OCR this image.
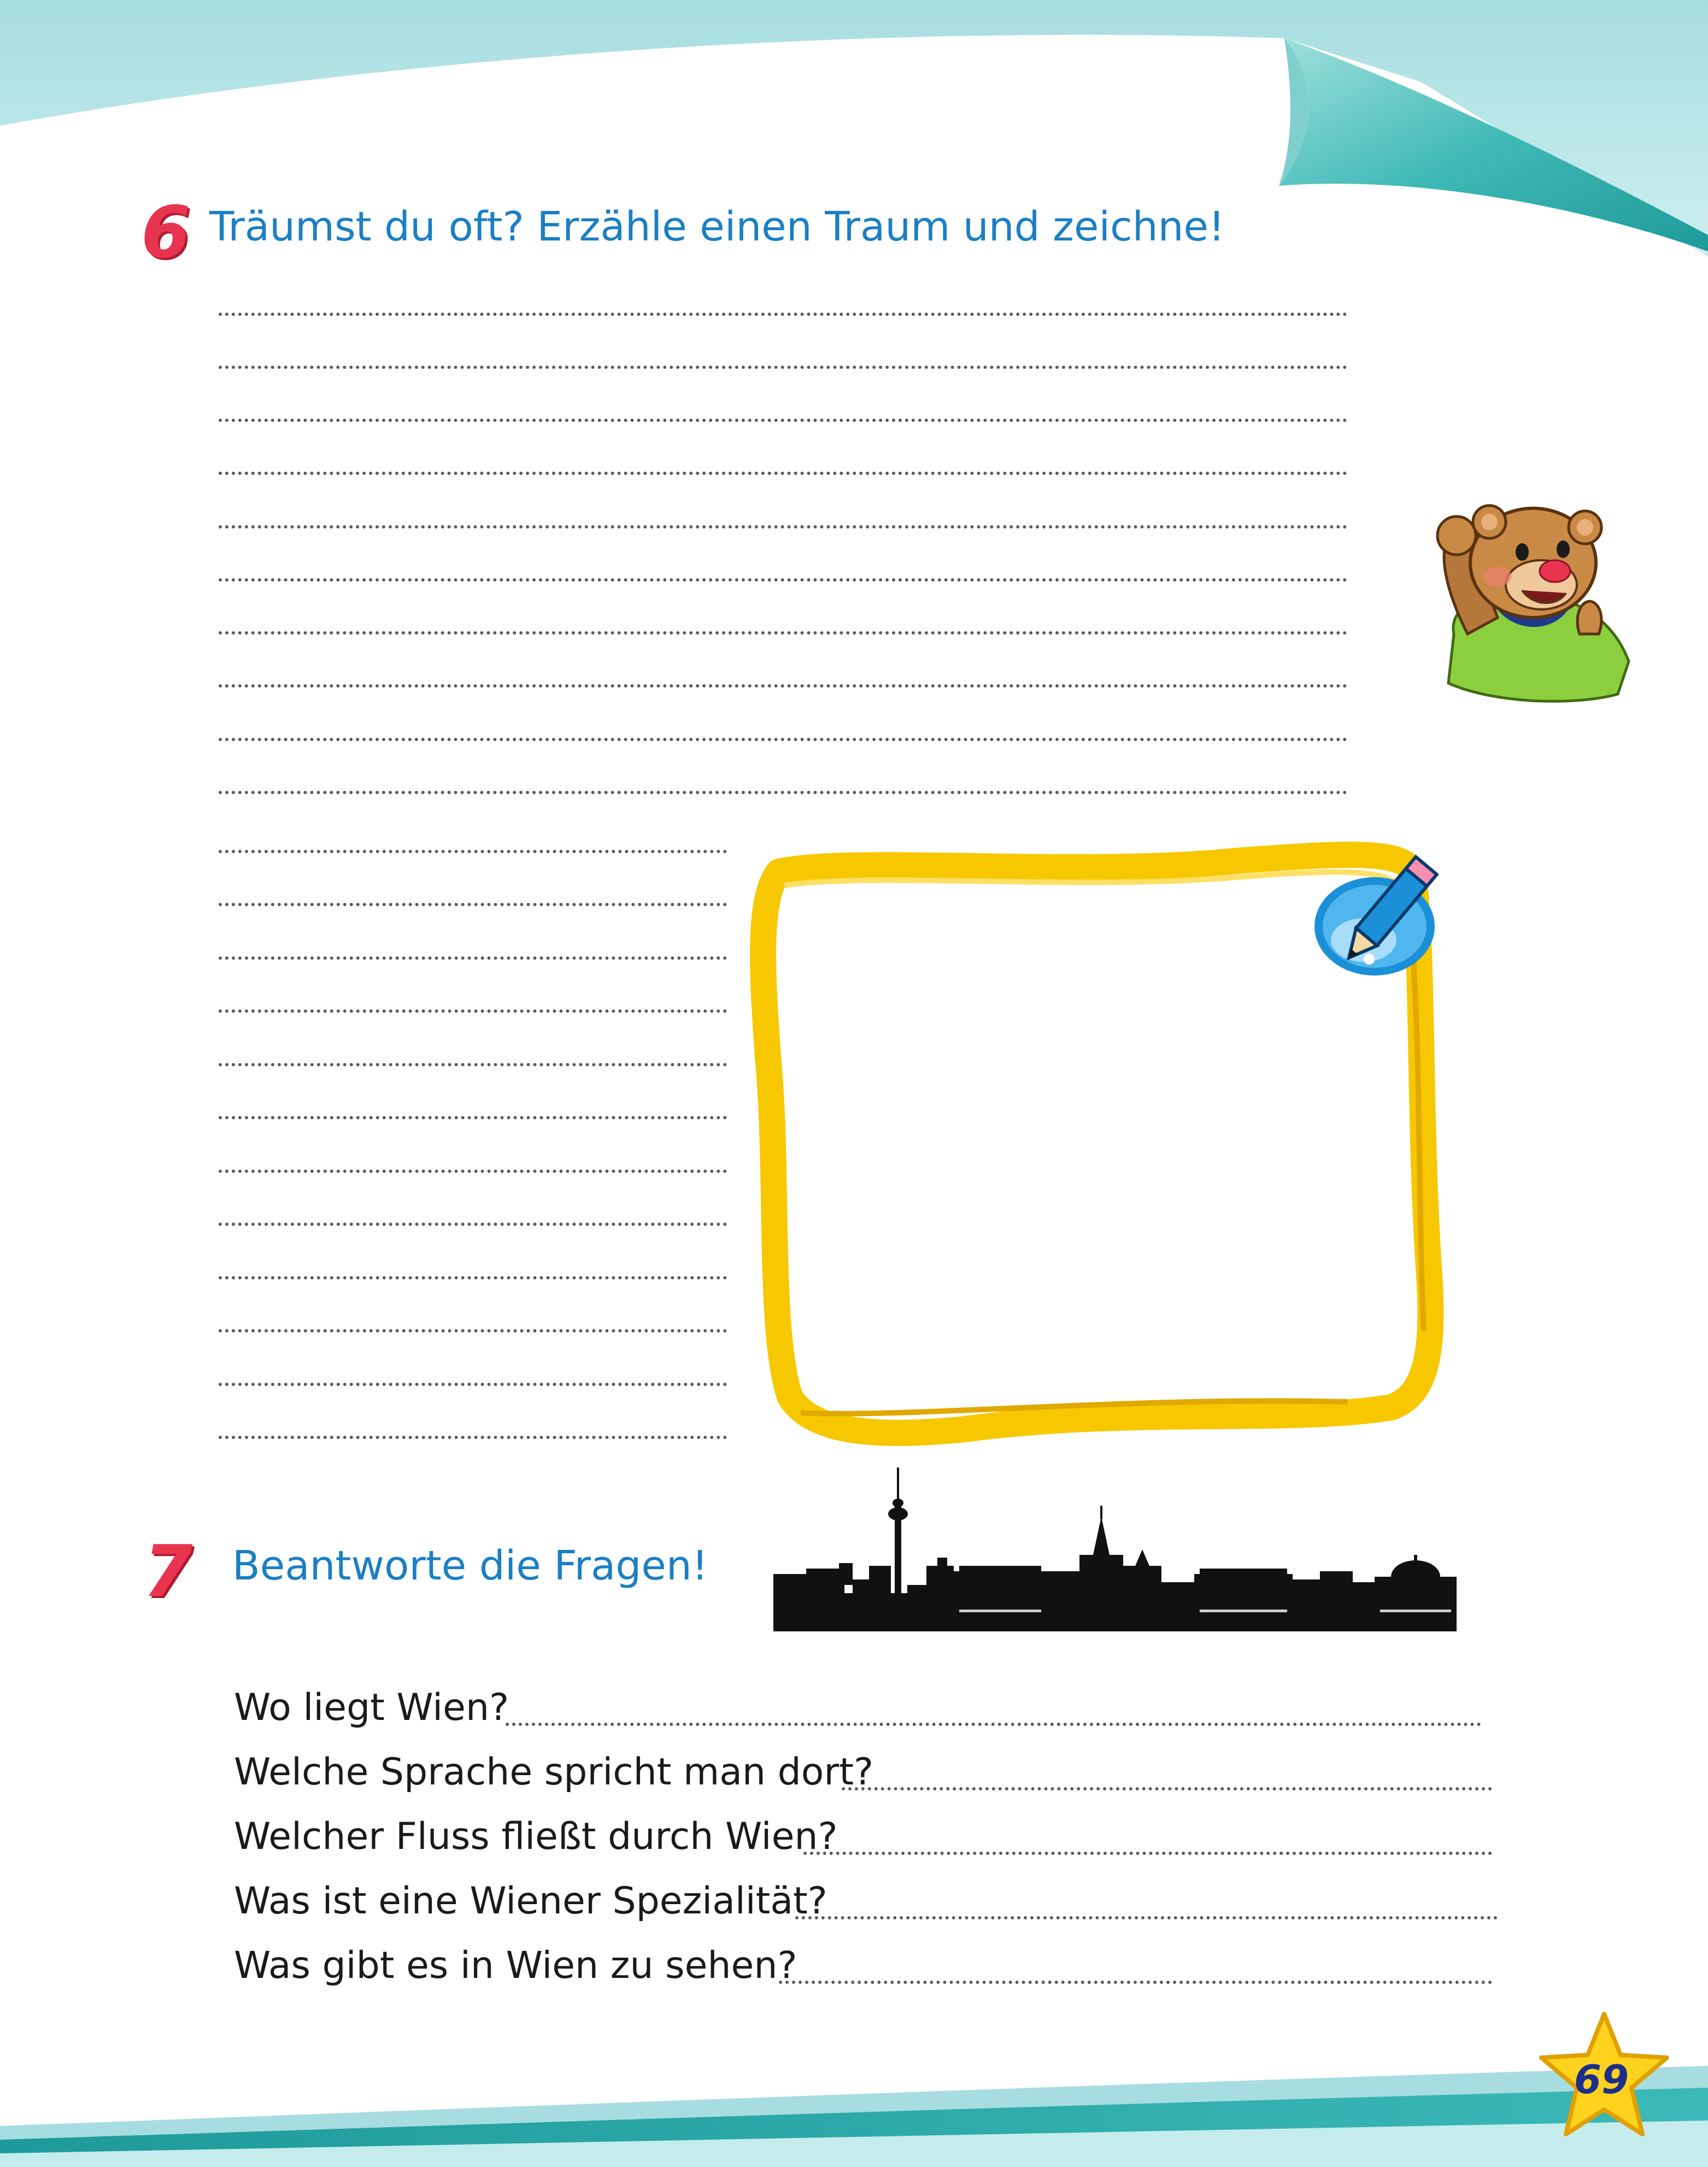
6 Träumst du oft? Erzähle einen Traum und zeichne!
7 Beantworte die Fragen!
Wo liegt Wien?
Welche Sprache spricht man dort?
Welcher Fluss fließt durch Wien?
Was ist eine Wiener Spezialität?
Was gibt es in Wien zu sehen?
69
